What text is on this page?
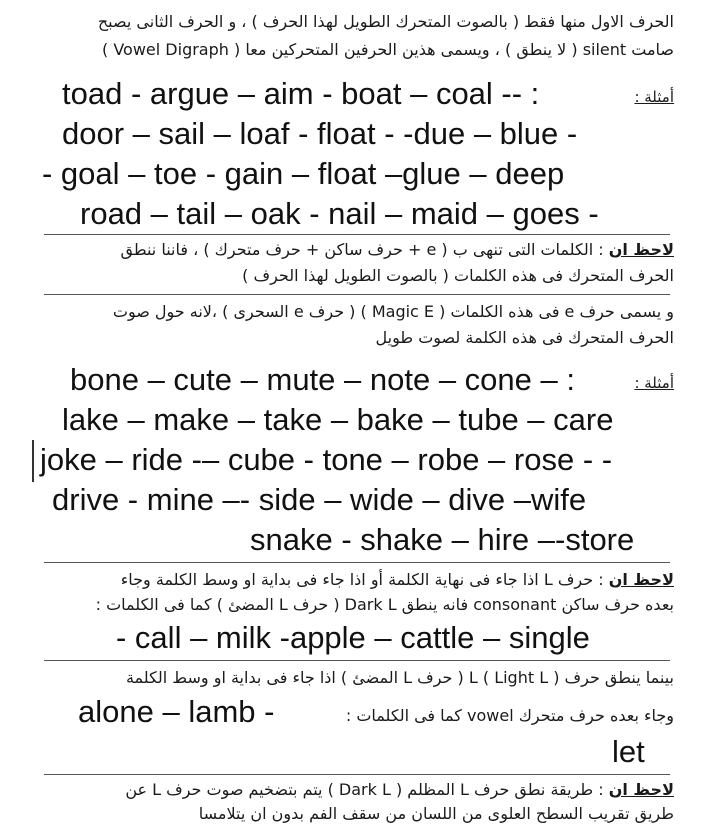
الحرف الاول منها فقط ( بالصوت المتحرك الطويل لهذا الحرف ) ، و الحرف الثانى يصبح
صامت silent ( لا ينطق ) ، ويسمى هذين الحرفين المتحركين معا ( Vowel Digraph )
أمثلة :
toad - argue – aim - boat – coal -- :
door – sail – loaf - float - -due – blue -
- goal – toe - gain – float –glue – deep
road – tail – oak - nail – maid – goes -
لاحظ ان : الكلمات التى تنهى ب ( e + حرف ساكن + حرف متحرك ) ، فاننا ننطق
الحرف المتحرك فى هذه الكلمات ( بالصوت الطويل لهذا الحرف )
و يسمى حرف e فى هذه الكلمات ( Magic E ) ( حرف e السحرى ) ،لانه حول صوت
الحرف المتحرك فى هذه الكلمة لصوت طويل
أمثلة :
bone – cute – mute – note – cone – :
lake – make – take – bake – tube – care
joke – ride -– cube - tone – robe – rose - -
drive - mine –- side – wide – dive –wife
snake - shake – hire –-store
لاحظ ان : حرف L اذا جاء فى نهاية الكلمة أو اذا جاء فى بداية او وسط الكلمة وجاء
بعده حرف ساكن consonant فانه ينطق Dark L ( حرف L المضئ ) كما فى الكلمات :
- call – milk -apple – cattle – single
بينما ينطق حرف L ( Light L ) ( حرف L المضئ ) اذا جاء فى بداية او وسط الكلمة
وجاء بعده حرف متحرك vowel كما فى الكلمات :
alone – lamb -
let
لاحظ ان : طريقة نطق حرف L المظلم ( Dark L ) يتم بتضخيم صوت حرف L عن
طريق تقريب السطح العلوى من اللسان من سقف الفم بدون ان يتلامسا
